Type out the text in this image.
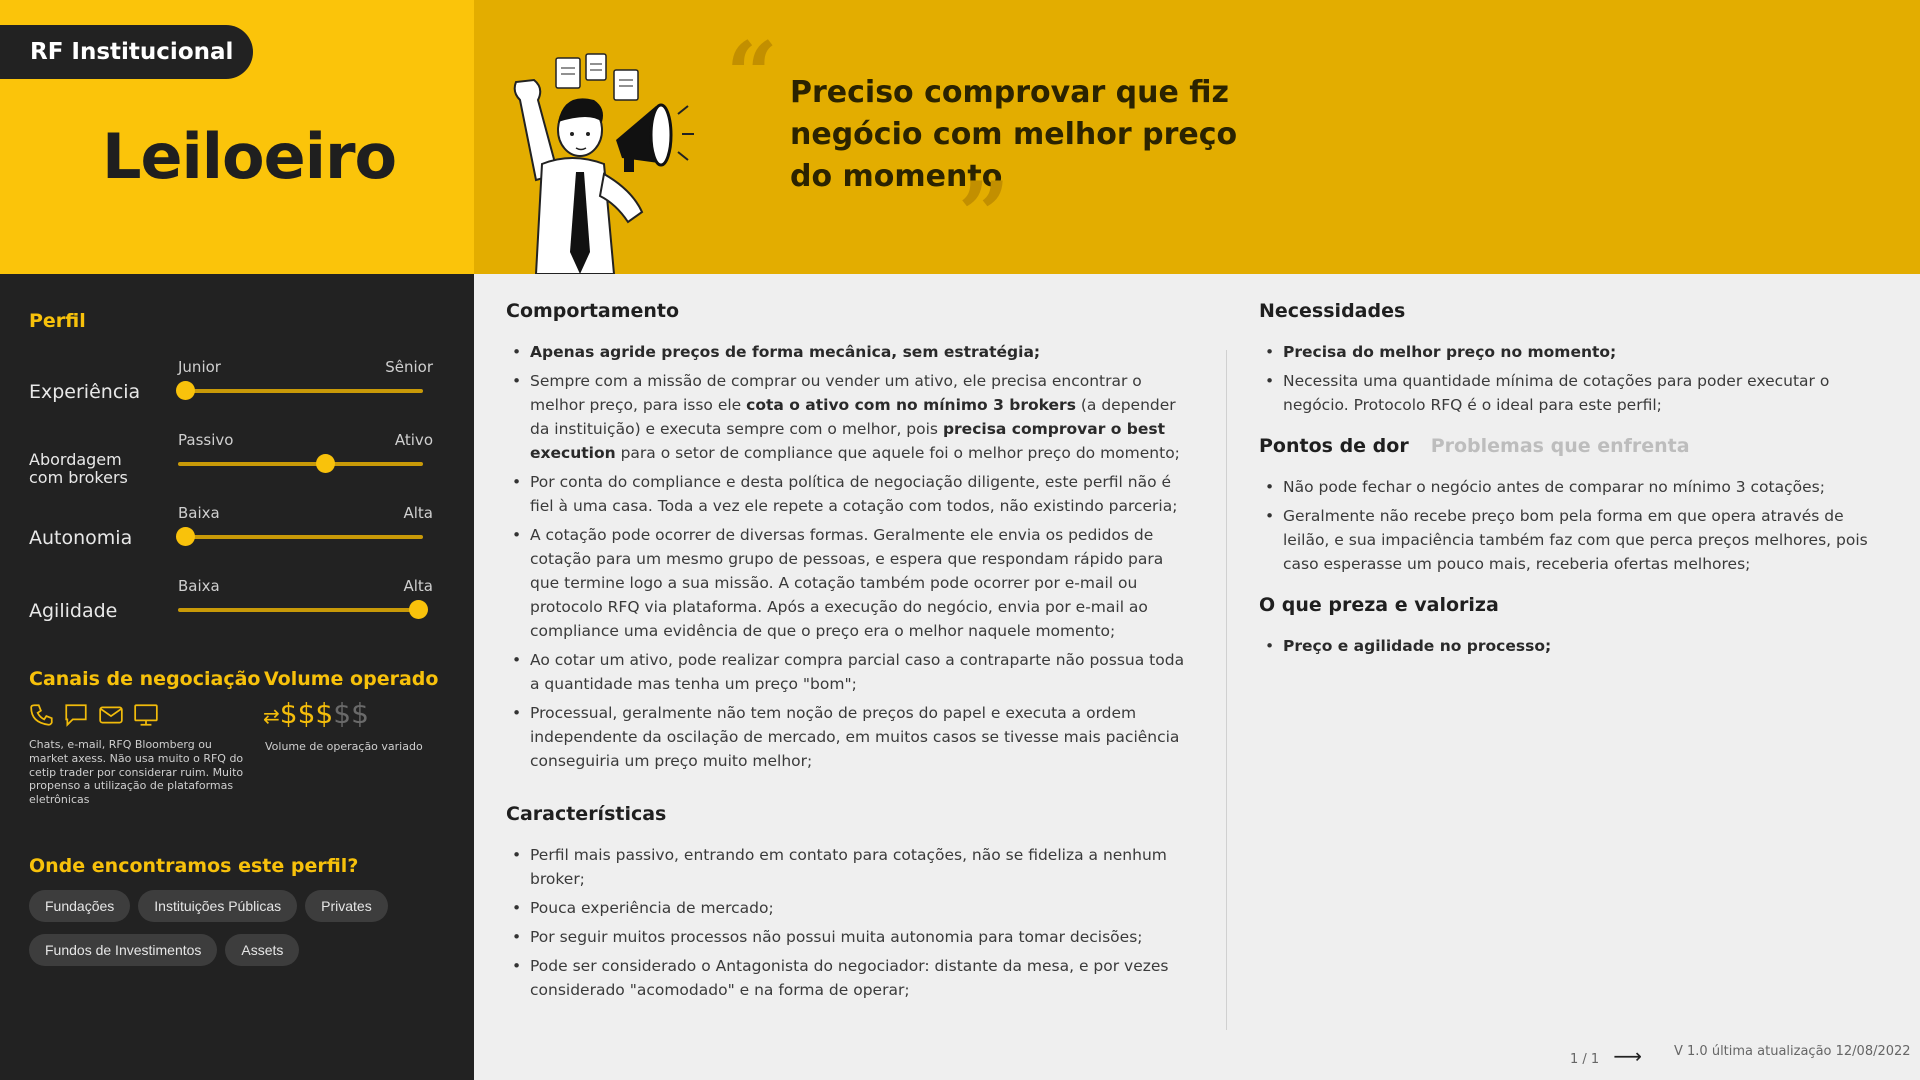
RF Institucional
Leiloeiro
“ Preciso comprovar que fiz negócio com melhor preço do momento
”
Perfil
Experiência
Junior	Sênior
Abordagem com brokers
Passivo	Ativo
Autonomia
Baixa	Alta
Agilidade
Baixa	Alta
Canais de negociação
Chats, e-mail, RFQ Bloomberg ou market axess. Não usa muito o RFQ do cetip trader por considerar ruim. Muito propenso a utilização de plataformas eletrônicas
Volume operado
⇄$$$$$
Volume de operação variado
Onde encontramos este perfil?
Fundações	Instituições Públicas	Privates
Fundos de Investimentos	Assets
Comportamento
• Apenas agride preços de forma mecânica, sem estratégia;
• Sempre com a missão de comprar ou vender um ativo, ele precisa encontrar o melhor preço, para isso ele cota o ativo com no mínimo 3 brokers (a depender da instituição) e executa sempre com o melhor, pois precisa comprovar o best execution para o setor de compliance que aquele foi o melhor preço do momento;
• Por conta do compliance e desta política de negociação diligente, este perfil não é fiel à uma casa. Toda a vez ele repete a cotação com todos, não existindo parceria;
• A cotação pode ocorrer de diversas formas. Geralmente ele envia os pedidos de cotação para um mesmo grupo de pessoas, e espera que respondam rápido para que termine logo a sua missão. A cotação também pode ocorrer por e-mail ou protocolo RFQ via plataforma. Após a execução do negócio, envia por e-mail ao compliance uma evidência de que o preço era o melhor naquele momento;
• Ao cotar um ativo, pode realizar compra parcial caso a contraparte não possua toda a quantidade mas tenha um preço "bom";
• Processual, geralmente não tem noção de preços do papel e executa a ordem independente da oscilação de mercado, em muitos casos se tivesse mais paciência conseguiria um preço muito melhor;
Características
• Perfil mais passivo, entrando em contato para cotações, não se fideliza a nenhum broker;
• Pouca experiência de mercado;
• Por seguir muitos processos não possui muita autonomia para tomar decisões;
• Pode ser considerado o Antagonista do negociador: distante da mesa, e por vezes considerado "acomodado" e na forma de operar;
Necessidades
• Precisa do melhor preço no momento;
• Necessita uma quantidade mínima de cotações para poder executar o negócio. Protocolo RFQ é o ideal para este perfil;
Pontos de dor Problemas que enfrenta
• Não pode fechar o negócio antes de comparar no mínimo 3 cotações;
• Geralmente não recebe preço bom pela forma em que opera através de leilão, e sua impaciência também faz com que perca preços melhores, pois caso esperasse um pouco mais, receberia ofertas melhores;
O que preza e valoriza
• Preço e agilidade no processo;
1 / 1 ⟶ V 1.0 última atualização 12/08/2022
